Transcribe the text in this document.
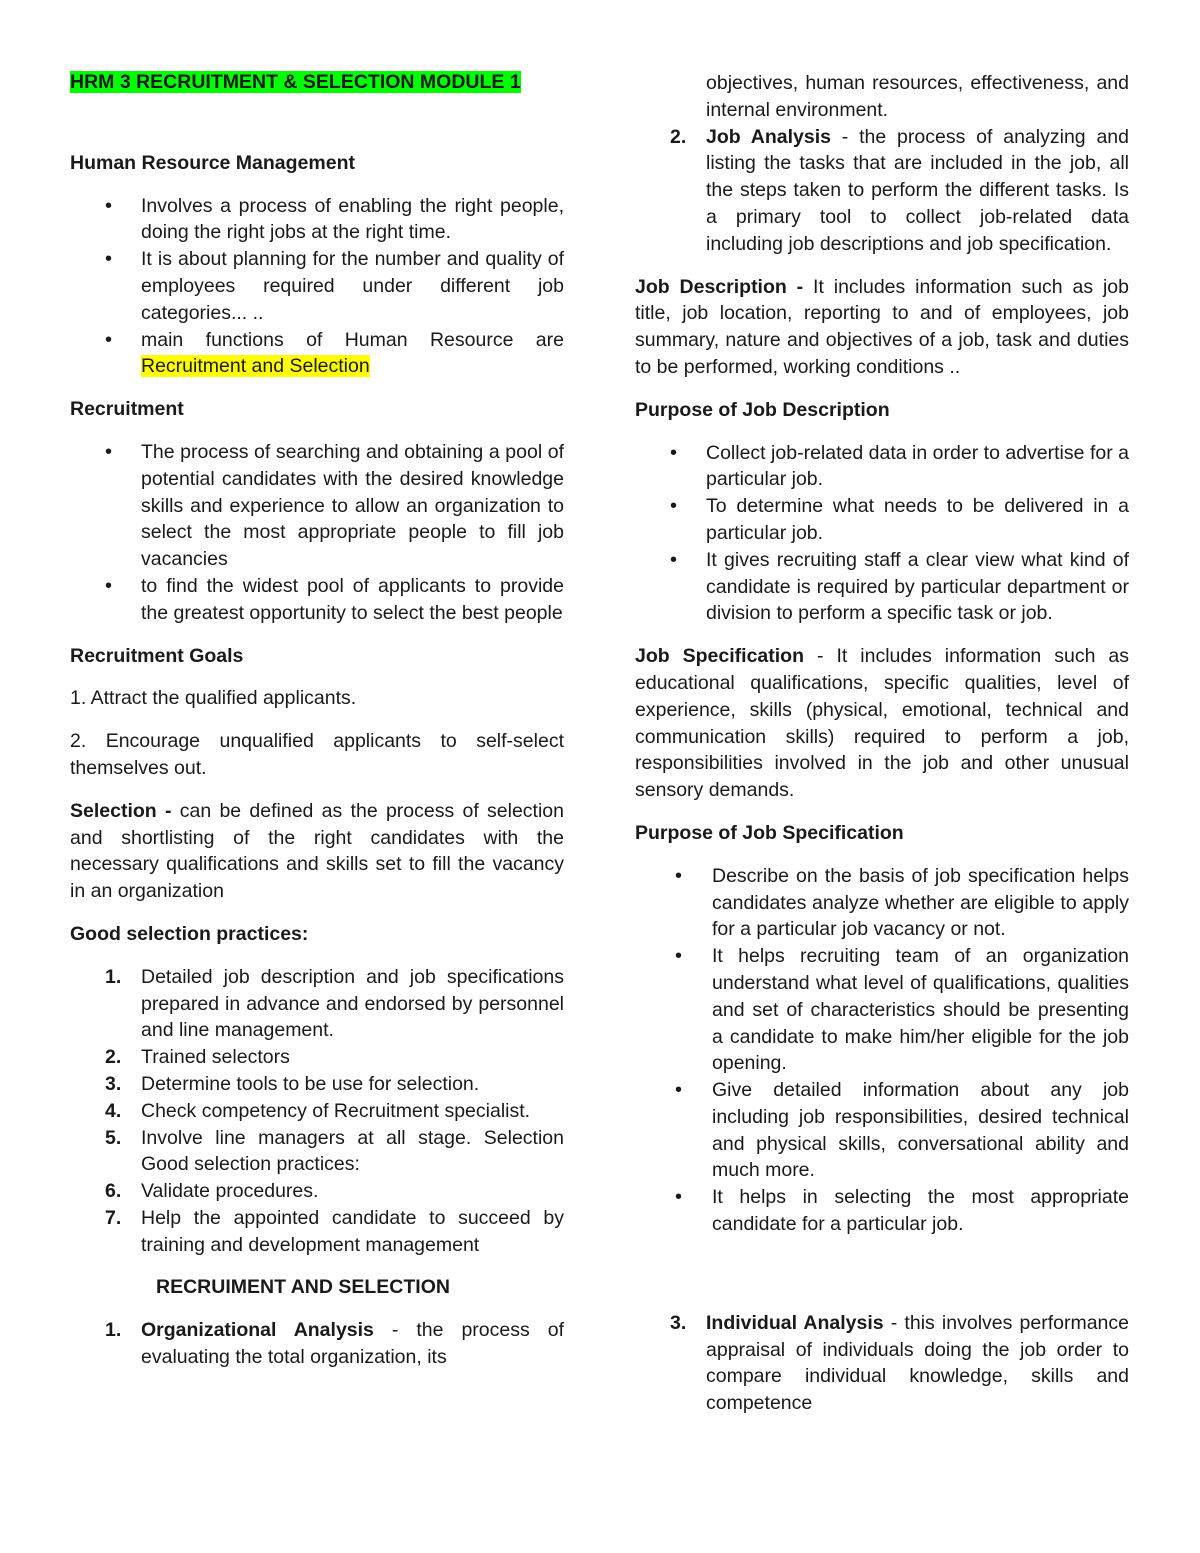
HRM 3 RECRUITMENT & SELECTION MODULE 1

Human Resource Management
• Involves a process of enabling the right people, doing the right jobs at the right time.
• It is about planning for the number and quality of employees required under different job categories... ..
• main functions of Human Resource are Recruitment and Selection
Recruitment
• The process of searching and obtaining a pool of potential candidates with the desired knowledge skills and experience to allow an organization to select the most appropriate people to fill job vacancies
• to find the widest pool of applicants to provide the greatest opportunity to select the best people
Recruitment Goals

1. Attract the qualified applicants.

2. Encourage unqualified applicants to self-select themselves out.

Selection - can be defined as the process of selection and shortlisting of the right candidates with the necessary qualifications and skills set to fill the vacancy in an organization

Good selection practices:
1. Detailed job description and job specifications prepared in advance and endorsed by personnel and line management.
2. Trained selectors
3. Determine tools to be use for selection.
4. Check competency of Recruitment specialist.
5. Involve line managers at all stage. Selection Good selection practices:
6. Validate procedures.
7. Help the appointed candidate to succeed by training and development management

RECRUIMENT AND SELECTION

1. Organizational Analysis - the process of evaluating the total organization, its

objectives, human resources, effectiveness, and internal environment.

2. Job Analysis - the process of analyzing and listing the tasks that are included in the job, all the steps taken to perform the different tasks. Is a primary tool to collect job-related data including job descriptions and job specification.

Job Description - It includes information such as job title, job location, reporting to and of employees, job summary, nature and objectives of a job, task and duties to be performed, working conditions ..

Purpose of Job Description
• Collect job-related data in order to advertise for a particular job.
• To determine what needs to be delivered in a particular job.
• It gives recruiting staff a clear view what kind of candidate is required by particular department or division to perform a specific task or job.

Job Specification - It includes information such as educational qualifications, specific qualities, level of experience, skills (physical, emotional, technical and communication skills) required to perform a job, responsibilities involved in the job and other unusual sensory demands.

Purpose of Job Specification
• Describe on the basis of job specification helps candidates analyze whether are eligible to apply for a particular job vacancy or not.
• It helps recruiting team of an organization understand what level of qualifications, qualities and set of characteristics should be presenting a candidate to make him/her eligible for the job opening.
• Give detailed information about any job including job responsibilities, desired technical and physical skills, conversational ability and much more.
• It helps in selecting the most appropriate candidate for a particular job.
3. Individual Analysis - this involves performance appraisal of individuals doing the job order to compare individual knowledge, skills and competence
